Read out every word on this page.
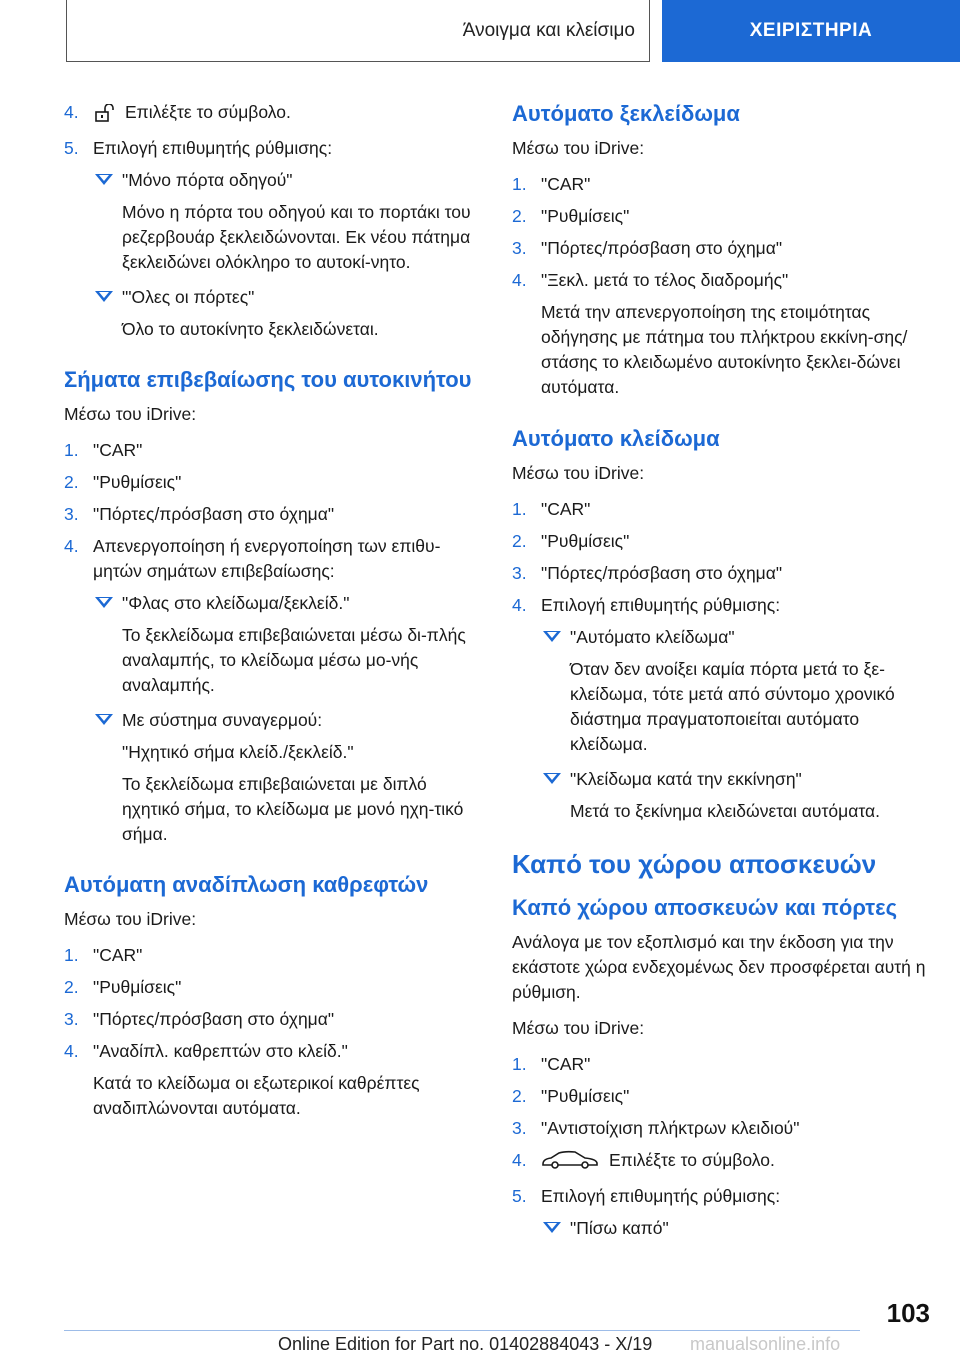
Άνοιγμα και κλείσιμο	ΧΕΙΡΙΣΤΗΡΙΑ
4.	Επιλέξτε το σύμβολο.
5. Επιλογή επιθυμητής ρύθμισης:
"Μόνο πόρτα οδηγού"
Μόνο η πόρτα του οδηγού και το πορτάκι του ρεζερβουάρ ξεκλειδώνονται. Εκ νέου πάτημα ξεκλειδώνει ολόκληρο το αυτοκί-νητο.
"'Ολες οι πόρτες"
Όλο το αυτοκίνητο ξεκλειδώνεται.
Σήματα επιβεβαίωσης του αυτοκινήτου
Μέσω του iDrive:
1. "CAR"
2. "Ρυθμίσεις"
3. "Πόρτες/πρόσβαση στο όχημα"
4. Απενεργοποίηση ή ενεργοποίηση των επιθυ-μητών σημάτων επιβεβαίωσης:
"Φλας στο κλείδωμα/ξεκλείδ."
Το ξεκλείδωμα επιβεβαιώνεται μέσω δι-πλής αναλαμπής, το κλείδωμα μέσω μο-νής αναλαμπής.
Με σύστημα συναγερμού:
"Ηχητικό σήμα κλείδ./ξεκλείδ."
Το ξεκλείδωμα επιβεβαιώνεται με διπλό ηχητικό σήμα, το κλείδωμα με μονό ηχη-τικό σήμα.
Αυτόματη αναδίπλωση καθρεφτών
Μέσω του iDrive:
1. "CAR"
2. "Ρυθμίσεις"
3. "Πόρτες/πρόσβαση στο όχημα"
4. "Αναδίπλ. καθρεπτών στο κλείδ."
Κατά το κλείδωμα οι εξωτερικοί καθρέπτες αναδιπλώνονται αυτόματα.
Αυτόματο ξεκλείδωμα
Μέσω του iDrive:
1. "CAR"
2. "Ρυθμίσεις"
3. "Πόρτες/πρόσβαση στο όχημα"
4. "Ξεκλ. μετά το τέλος διαδρομής"
Μετά την απενεργοποίηση της ετοιμότητας οδήγησης με πάτημα του πλήκτρου εκκίνη-σης/στάσης το κλειδωμένο αυτοκίνητο ξεκλει-δώνει αυτόματα.
Αυτόματο κλείδωμα
Μέσω του iDrive:
1. "CAR"
2. "Ρυθμίσεις"
3. "Πόρτες/πρόσβαση στο όχημα"
4. Επιλογή επιθυμητής ρύθμισης:
"Αυτόματο κλείδωμα"
Όταν δεν ανοίξει καμία πόρτα μετά το ξε-κλείδωμα, τότε μετά από σύντομο χρονικό διάστημα πραγματοποιείται αυτόματο κλείδωμα.
"Κλείδωμα κατά την εκκίνηση"
Μετά το ξεκίνημα κλειδώνεται αυτόματα.
Καπό του χώρου αποσκευών
Καπό χώρου αποσκευών και πόρτες
Ανάλογα με τον εξοπλισμό και την έκδοση για την εκάστοτε χώρα ενδεχομένως δεν προσφέρεται αυτή η ρύθμιση.
Μέσω του iDrive:
1. "CAR"
2. "Ρυθμίσεις"
3. "Αντιστοίχιση πλήκτρων κλειδιού"
4.	Επιλέξτε το σύμβολο.
5. Επιλογή επιθυμητής ρύθμισης:
"Πίσω καπό"
103
Online Edition for Part no. 01402884043 - X/19 manualsonline.info
